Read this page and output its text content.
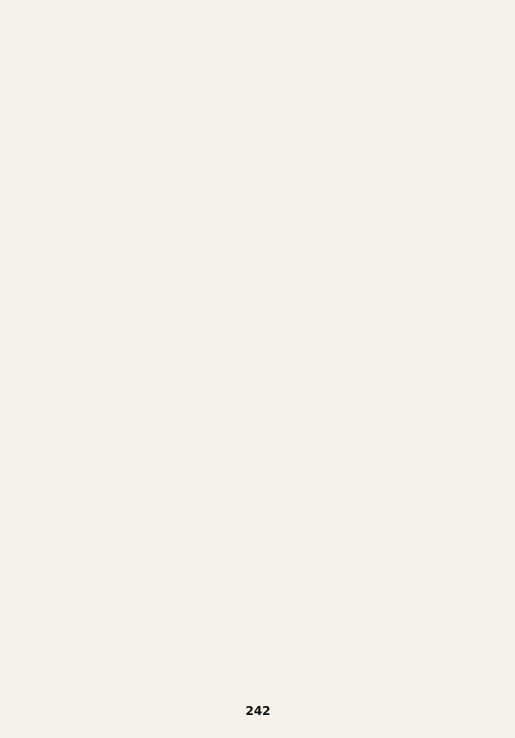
242
